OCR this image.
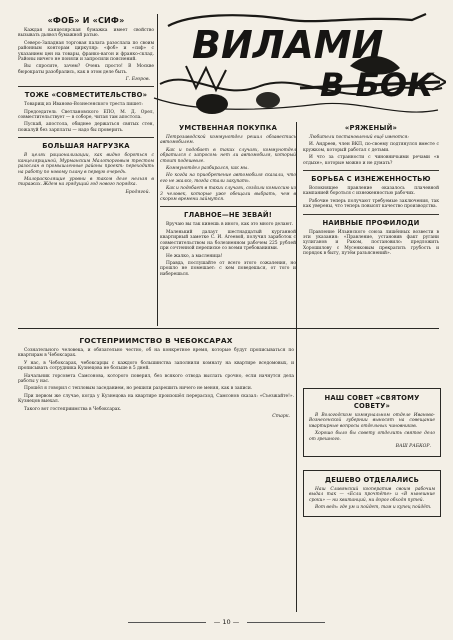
ВИЛАМИ
В БОК
«ФОБ» И «СИФ»

Каждая канцелярская бумажка имеет свойство вызывать дьявол бумажной ратью.

Северо-Западная торговая палата разослала по своим районным конторам циркуляр: «фоб» и «сиф» с указанием цен на товары, франко-вагон и франко-склад. Районы ничего не поняли и запросили пояснений.

Вы спросите, зачем? Очень просто! В Москве бюрократы разобрались, как в этом деле быть.

Г. Егоров.
ТОЖЕ «СОВМЕСТИТЕЛЬСТВО»

Товарищ из Иваново-Вознесенского треста пишет:

Председатель Светлановского ЕПО, М. Д. Орел, совместительствует — в соборе, читая там апостола.

Пускай, апостола, обиднее держаться святых стен, пожалуй без зарплаты — надо бы проверить.

БОЛЬШАЯ НАГРУЗКА

В целях рационализации, как видно бороться с канцелярщиной, Мурманским Малоторговым трестом разослан в промышленные районы проект: переходить на работу по новому плану в первую очередь.

Малорасколящие уровни в таком деле нельзя в тиражах. Ждем на грядущий год нового порядка.

Бродягой.
УМСТВЕННАЯ ПОКУПКА

Петрозаводской коммунотдел решил обзавестись автомобилем.

Как и подобает в таких случаях, коммунотдел обратился с запросом: нет ли автомобиля, который стоит подешевле.

Коммунотдел разбирался, как мы.

Но когда на приобретение автомобиля сказали, что его не жалко, тогда стали закупать.

Как и подобает в таких случаях, создали комиссию из 3 человек, которые уже обещали выбрать, чем в скором времени займутся.

ГЛАВНОЕ—НЕ ЗЕВАЙ!

Вручаю вы так кинешь в иного, как это много делают.

Маленький далаут шестнадцатый курганной квартирный заметке С. И. Агеевой, получил заработок с совместительством на болезненном рабочем 225 рублей при сочтенной переписке со всеми требованиями.

Не жалко, а масленица!

Правда, послушайте от всего этого сожаления, но прошло не помешает: с кем поведешься, от того и наберешься.

«РЯЖЕНЫЙ»

Любители постановлений ещё имеются:

И. Андреев, член ВКП, по-своему подтянулся вместе с кружком, который работал с детьми.

И что за странности с чиновничьими речами «в отдыхе», которые можно и не думать?

БОРЬБА С ИЗНЕЖЕННОСТЬЮ

Волокнящее правление оказалось плачевной кампанией бороться с изнеженностью рабочих.

Рабочие теперь получают требуемые заключения, так как уверены, что теперь повысят качество производства.

НАИВНЫЕ ПРОФИЛОДИ

Правление Ильинского союза лишённых возвести в эти указания: «Правление, установив факт ругани хулиганов и Раком, постановило: предложить Хорошилову с Мусенковым прекратить грубость и порядок в быту, путём разъяснений».

ГОСТЕПРИИМСТВО В ЧЕБОКСАРАХ

Сознательного человека, и обязательно честно, об на конкретное время, которые будут прописываться по квартирам в Чебоксарах.

У нас, в Чебоксарах, чебоксарцы с каждого большинства заполнили комнату на квартире вседомовых, и прописывать сотрудника Кузнецова не больше в 5 дней.

Начальник горсовета Самсонова, которого поверил, без всякого отвода выслать срочно, если начнутся дела работы у нас.

Прошёл я говорил с тепловым заседанием, но решили разрешить ничего не меняя, как в записи.

При первом же случае, когда у Кузнецова на квартире произошёл перерасход, Самсонов сказал: «Съезжайте!». Кузнецов выехал.

Такого вот гостеприимства в Чебоксарах.

Старк.
НАШ СОВЕТ «СВЯТОМУ СОВЕТУ»

В Вологодском коммунальном отделе Иваново-Вознесенской губернии выносят на совещание квартирные вопросы отдельных чиновников.

Хорошо было бы совету отделить святое дело от грешного.

ВАШ РАБКОР.
ДЕШЕВО ОТДЕЛАЛИСЬ

Наш Славянский кооператив своим рабочим выдал так — «Если прочтёте» и «В нынешние сроки» — ни квитанций, ни дорог обходя путей.

Вот ведь: где ум и пойдет, там и купец пойдёт.

— 10 —
